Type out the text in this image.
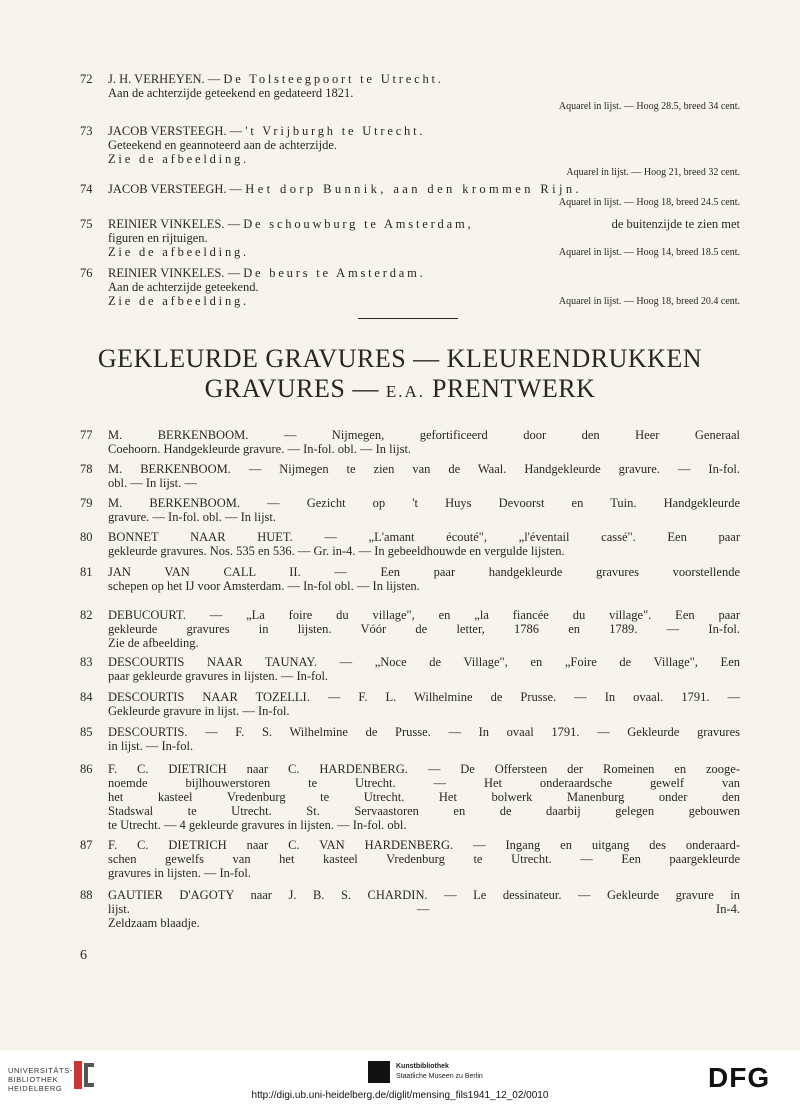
72	J. H. VERHEYEN. — De Tolsteegpoort te Utrecht.
Aan de achterzijde geteekend en gedateerd 1821.
Aquarel in lijst. — Hoog 28.5, breed 34 cent.
73	JACOB VERSTEEGH. — 't Vrijburgh te Utrecht.
Geteekend en geannoteerd aan de achterzijde.
Zie de afbeelding.
Aquarel in lijst. — Hoog 21, breed 32 cent.
74	JACOB VERSTEEGH. — Het dorp Bunnik, aan den krommen Rijn.
Aquarel in lijst. — Hoog 18, breed 24.5 cent.
75	REINIER VINKELES. — De schouwburg te Amsterdam,	de buitenzijde te zien met
figuren en rijtuigen.
Aquarel in lijst. — Hoog 14, breed 18.5 cent.
Zie de afbeelding.
76	REINIER VINKELES. — De beurs te Amsterdam.
Aan de achterzijde geteekend.
Aquarel in lijst. — Hoog 18, breed 20.4 cent.
Zie de afbeelding.
GEKLEURDE GRAVURES — KLEURENDRUKKEN
GRAVURES — E.A. PRENTWERK
77	M. BERKENBOOM. — Nijmegen, gefortificeerd door den Heer Generaal
Coehoorn. Handgekleurde gravure. — In-fol. obl. — In lijst.
78	M. BERKENBOOM. — Nijmegen te zien van de Waal. Handgekleurde gravure. — In-fol.
obl. — In lijst. —
79	M. BERKENBOOM. — Gezicht op 't Huys Devoorst en Tuin. Handgekleurde
gravure. — In-fol. obl. — In lijst.
80	BONNET NAAR HUET. — „L'amant écouté", „l'éventail cassé". Een paar
gekleurde gravures. Nos. 535 en 536. — Gr. in-4. — In gebeeldhouwde en vergulde lijsten.
81	JAN VAN CALL II. — Een paar handgekleurde gravures voorstellende
schepen op het IJ voor Amsterdam. — In-fol obl. — In lijsten.
82	DEBUCOURT. — „La foire du village", en „la fiancée du village". Een paar
gekleurde gravures in lijsten. Vóór de letter, 1786 en 1789. — In-fol.
Zie de afbeelding.
83	DESCOURTIS NAAR TAUNAY. — „Noce de Village", en „Foire de Village", Een
paar gekleurde gravures in lijsten. — In-fol.
84	DESCOURTIS NAAR TOZELLI. — F. L. Wilhelmine de Prusse. — In ovaal. 1791. —
Gekleurde gravure in lijst. — In-fol.
85	DESCOURTIS. — F. S. Wilhelmine de Prusse. — In ovaal 1791. — Gekleurde gravures
in lijst. — In-fol.
86	F. C. DIETRICH naar C. HARDENBERG. — De Offersteen der Romeinen en zooge-
noemde bijlhouwerstoren te Utrecht. — Het onderaardsche gewelf van
het kasteel Vredenburg te Utrecht. Het bolwerk Manenburg onder den
Stadswal te Utrecht. St. Servaastoren en de daarbij gelegen gebouwen
te Utrecht. — 4 gekleurde gravures in lijsten. — In-fol. obl.
87	F. C. DIETRICH naar C. VAN HARDENBERG. — Ingang en uitgang des onderaard-
schen gewelfs van het kasteel Vredenburg te Utrecht. — Een paargekleurde
gravures in lijsten. — In-fol.
88	GAUTIER D'AGOTY naar J. B. S. CHARDIN. — Le dessinateur. — Gekleurde gravure in
lijst. — In-4.
Zeldzaam blaadje.
6
UNIVERSITÄTS-
BIBLIOTHEK
HEIDELBERG
Kunstbibliothek
Staatliche Museen zu Berlin	DFG
http://digi.ub.uni-heidelberg.de/diglit/mensing_fils1941_12_02/0010
